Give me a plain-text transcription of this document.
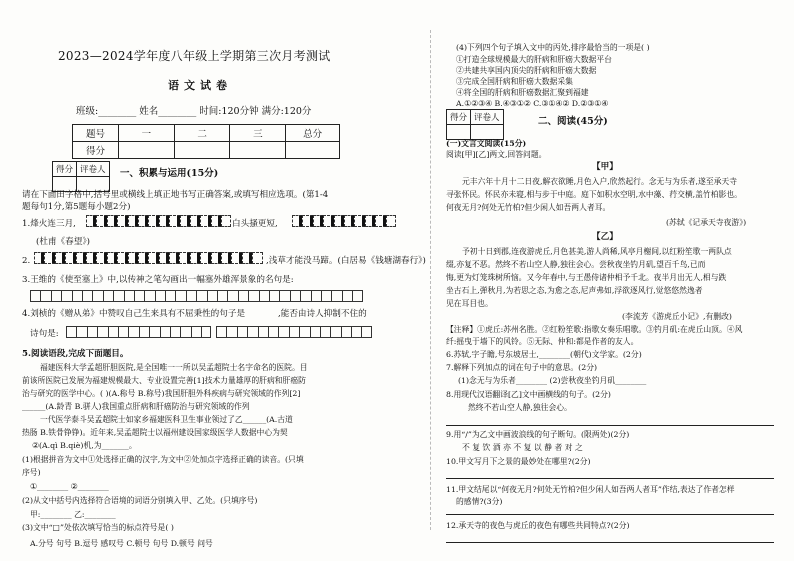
2023—2024学年度八年级上学期第三次月考测试
语文试卷
班级:________ 姓名________ 时间:120分钟 满分:120分
题号	一	二	三	总分
得分				
得分	评卷人
	一、积累与运用(15分)
请在下面田字格中,括号里或横线上填正地书写正确答案,或填写相应选项。(第1-4
题每句1分,第5题每小题2分)
1.烽火连三月,	白头搔更短,
(杜甫《春望》)
2.	,浅草才能没马蹄。(白居易《钱塘湖春行》)
3.王维的《使至塞上》中,以传神之笔勾画出一幅塞外雄浑景象的名句是:
4.刘桢的《赠从弟》中赞叹自己生来具有不屈秉性的句子是	,能否由诗人抑制不住的
诗句是:
5.阅读语段,完成下面题目。
福建医科大学孟超肝胆医院,是全国唯一一所以吴孟超院士名字命名的医院。目
前该所医院已发展为福建规模最大、专业设置完善[1]技术力量雄厚的肝病和肝癌防
治与研究的医学中心。( )(A.称号 B.称号)我国肝胆外科疾病与研究领域的作列[2]
______(A.龄青 B.骈人)我国重点肝病和肝癌防治与研究领域的作列
一代医学泰斗吴孟超院士如家乡福建医科卫生事业领过了乙______(A.古道
热肠 B.铁骨铮铮)。近年来,吴孟超院士以福州建设国家级医学人数据中心为契
②(A.qì B.qiè)机,为_______。
(1)根据拼音为文中①处选择正确的汉字,为文中②处加点字选择正确的读音。(只填
序号)
①________ ②________
(2)从文中括号内选择符合语境的词语分别填入甲、乙处。(只填序号)
甲:________ 乙:________
(3)文中“□”处依次填写恰当的标点符号是( )
A.分号 句号 B.逗号 感叹号 C.顿号 句号 D.顿号 问号
(4)下列四个句子填入文中的丙处,排序最恰当的一项是( )
①打造全球规模最大的肝病和肝癌大数据平台
②共建共享国内顶尖的肝病和肝癌大数据
③完成全国肝病和肝癌大数据采集
④将全国的肝病和肝癌数据汇聚到福建
A.①②③④ B.④③①② C.③①④② D.②③①④
得分	评卷人
		二、阅读(45分)
(一)文言文阅读(15分)
阅读[甲][乙]两文,回答问题。
【甲】
元丰六年十月十二日夜,解衣欲睡,月色入户,欣然起行。念无与为乐者,遂至承天寺
寻张怀民。怀民亦未寝,相与步于中庭。庭下如积水空明,水中藻、荇交横,盖竹柏影也。
何夜无月?何处无竹柏?但少闲人如吾两人者耳。
(苏轼《记承天寺夜游》)
【乙】
予初十日到郡,连夜游虎丘,月色甚美,游人尚稀,风亭月榭间,以红粉笙歌一两队点
缀,亦复不恶。然终不若山空人静,独往会心。尝秋夜坐钓月矶,望百千鸟,已而
悔,更为灯笼珠树所恼。又今年春中,与王愚侍诸仲相予千北。夜半月出无人,相与跌
坐古石上,弹秋月,为若思之态,为愈之态,尼声弗如,浮欲逐风行,觉悠悠然逸者
见在耳目也。
(李流芳《游虎丘小记》,有删改)
【注释】①虎丘:苏州名胜。②红粉笙歌:指歌女奏乐唱歌。③钓月矶:在虎丘山顶。④风
纤:摇曳于墙下的风铃。⑤无际、仲和:都是作者的友人。
6.苏轼,字子瞻,号东坡居士,________(朝代)文学家。(2分)
7.解释下列加点的词在句子中的意思。(2分)
(1)念无与为乐者________ (2)尝秋夜坐钓月矶________
8.用现代汉语翻译[乙]文中画横线的句子。(2分)
然终不若山空人静,独往会心。
9.用“/”为乙文中画波浪线的句子断句。(限两处)(2分)
不 复 饮 酒 亦 不 复 以 静 者 对 之
10.甲文写月下之景的最妙处在哪里?(2分)
11.甲文结尾以“何夜无月?何处无竹柏?但少闲人如吾两人者耳”作结,表达了作者怎样
的感情?(3分)
12.承天寺的夜色与虎丘的夜色有哪些共同特点?(2分)
